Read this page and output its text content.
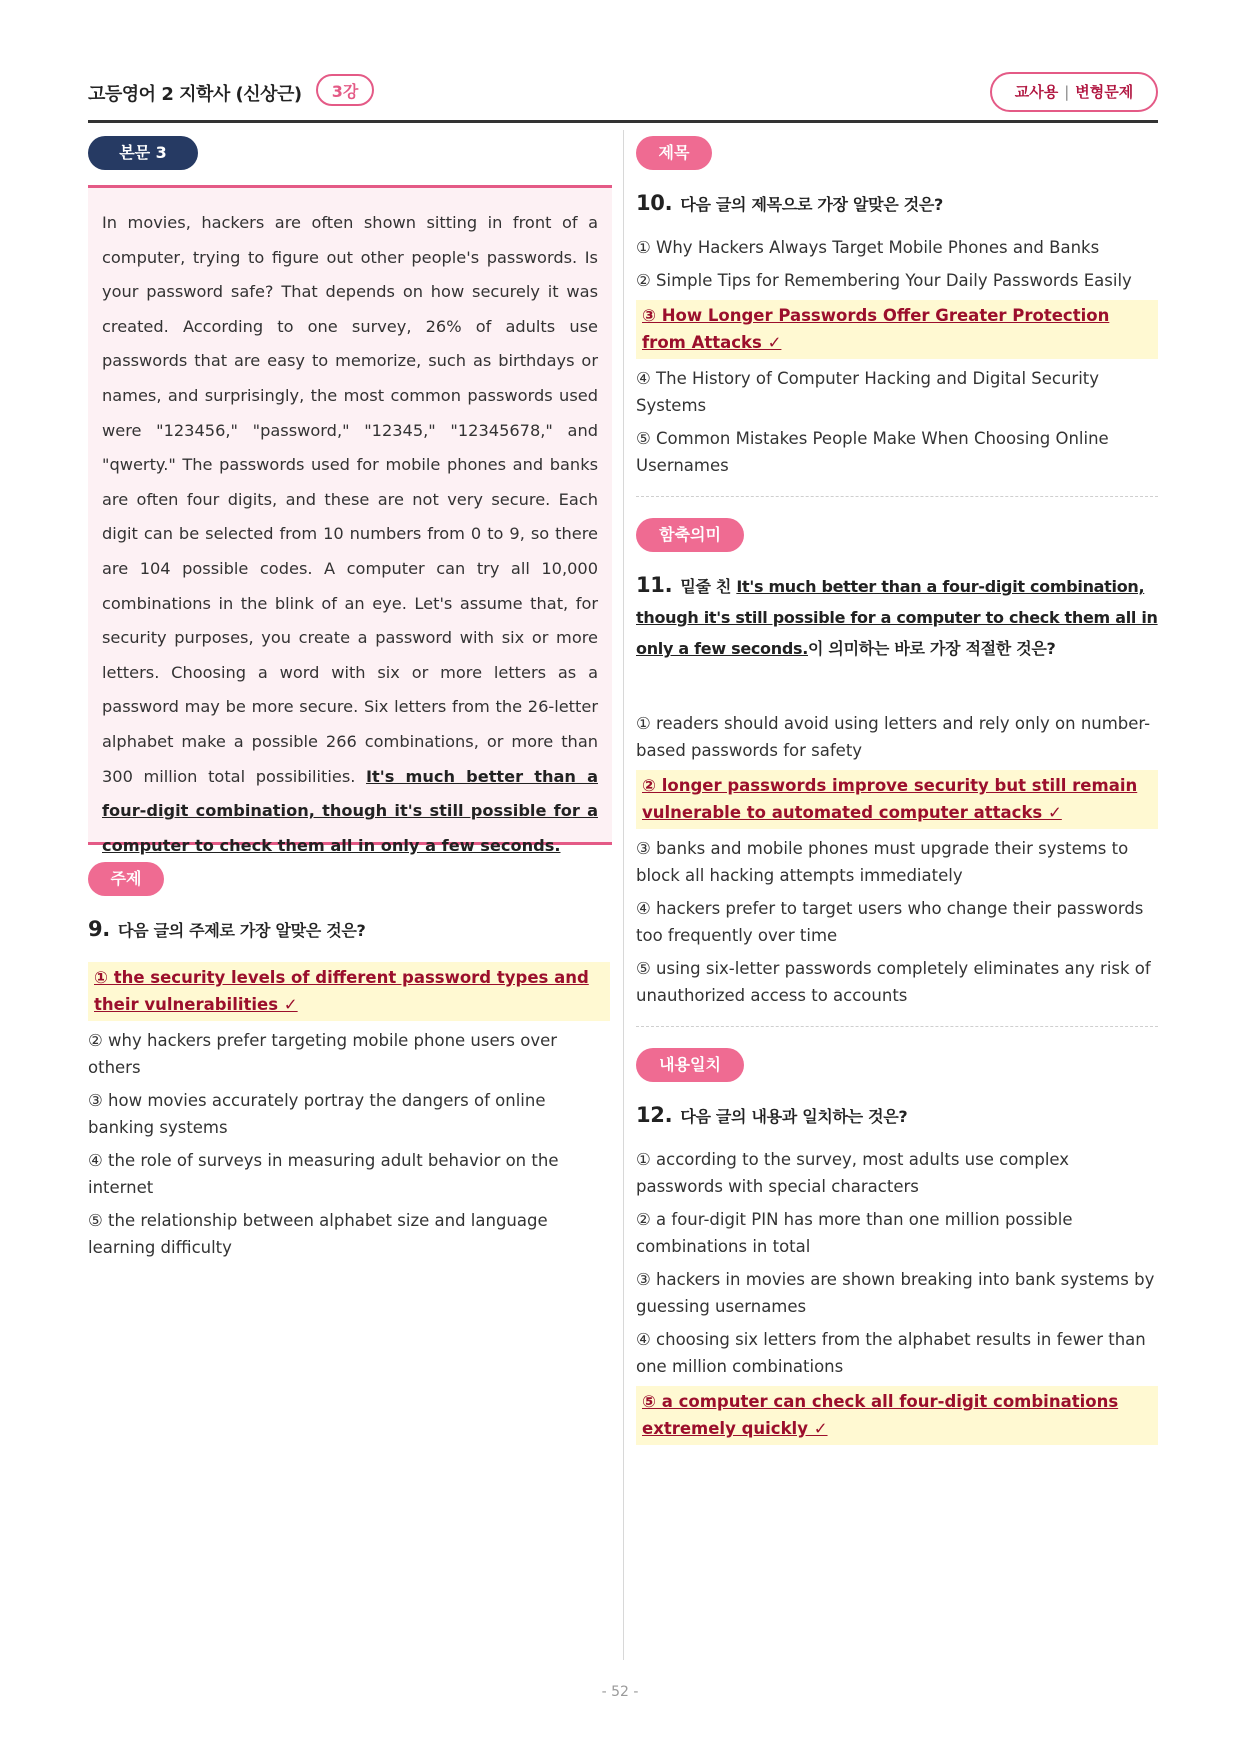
고등영어 2 지학사 (신상근)	3강	교사용 | 변형문제
본문 3

In movies, hackers are often shown sitting in front of a computer, trying to figure out other people's passwords. Is your password safe? That depends on how securely it was created. According to one survey, 26% of adults use passwords that are easy to memorize, such as birthdays or names, and surprisingly, the most common passwords used were "123456," "password," "12345," "12345678," and "qwerty." The passwords used for mobile phones and banks are often four digits, and these are not very secure. Each digit can be selected from 10 numbers from 0 to 9, so there are 104 possible codes. A computer can try all 10,000 combinations in the blink of an eye. Let's assume that, for security purposes, you create a password with six or more letters. Choosing a word with six or more letters as a password may be more secure. Six letters from the 26-letter alphabet make a possible 266 combinations, or more than 300 million total possibilities. It's much better than a four-digit combination, though it's still possible for a computer to check them all in only a few seconds.

주제
9. 다음 글의 주제로 가장 알맞은 것은?
① the security levels of different password types and their vulnerabilities ✓
② why hackers prefer targeting mobile phone users over others
③ how movies accurately portray the dangers of online banking systems
④ the role of surveys in measuring adult behavior on the internet
⑤ the relationship between alphabet size and language learning difficulty
제목
10. 다음 글의 제목으로 가장 알맞은 것은?
① Why Hackers Always Target Mobile Phones and Banks
② Simple Tips for Remembering Your Daily Passwords Easily
③ How Longer Passwords Offer Greater Protection from Attacks ✓
④ The History of Computer Hacking and Digital Security Systems
⑤ Common Mistakes People Make When Choosing Online Usernames
함축의미
11. 밑줄 친 It's much better than a four-digit combination, though it's still possible for a computer to check them all in only a few seconds.이 의미하는 바로 가장 적절한 것은?
① readers should avoid using letters and rely only on number-based passwords for safety
② longer passwords improve security but still remain vulnerable to automated computer attacks ✓
③ banks and mobile phones must upgrade their systems to block all hacking attempts immediately
④ hackers prefer to target users who change their passwords too frequently over time
⑤ using six-letter passwords completely eliminates any risk of unauthorized access to accounts
내용일치
12. 다음 글의 내용과 일치하는 것은?
① according to the survey, most adults use complex passwords with special characters
② a four-digit PIN has more than one million possible combinations in total
③ hackers in movies are shown breaking into bank systems by guessing usernames
④ choosing six letters from the alphabet results in fewer than one million combinations
⑤ a computer can check all four-digit combinations extremely quickly ✓
- 52 -
